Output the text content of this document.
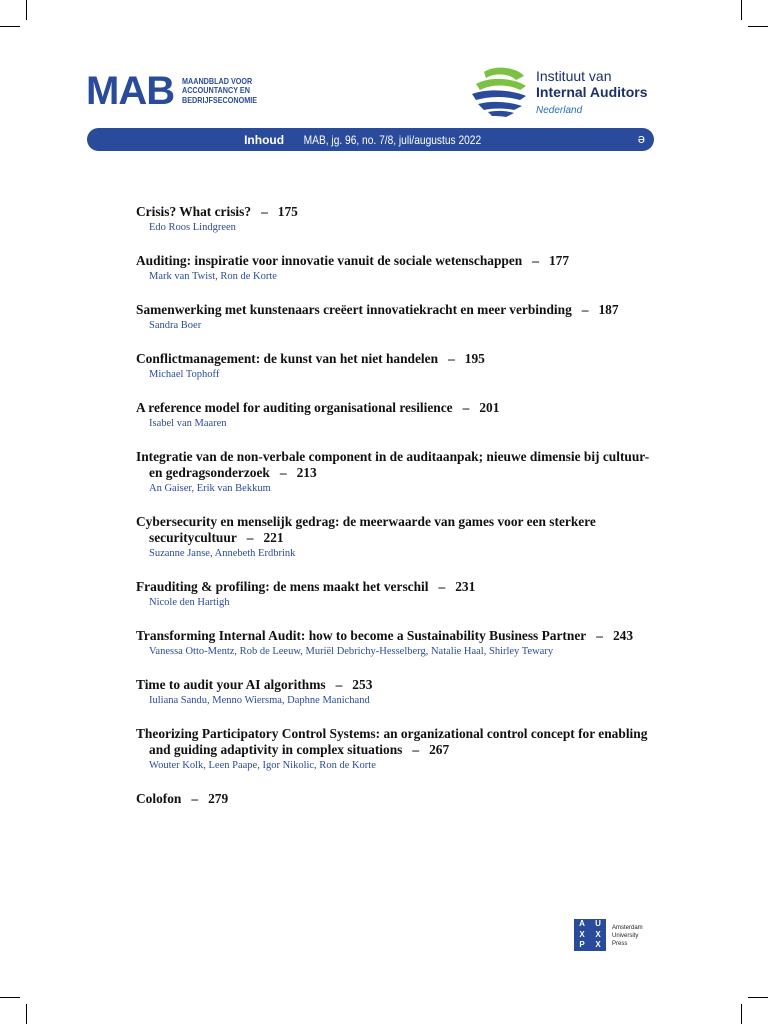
MAB MAANDBLAD VOOR
ACCOUNTANCY EN
BEDRIJFSECONOMIE
Instituut van
Internal Auditors
Nederland
Inhoud MAB, jg. 96, no. 7/8, juli/augustus 2022	ə
Crisis? What crisis? – 175
Edo Roos Lindgreen
Auditing: inspiratie voor innovatie vanuit de sociale wetenschappen – 177
Mark van Twist, Ron de Korte
Samenwerking met kunstenaars creëert innovatiekracht en meer verbinding – 187
Sandra Boer
Conflictmanagement: de kunst van het niet handelen – 195
Michael Tophoff
A reference model for auditing organisational resilience – 201
Isabel van Maaren
Integratie van de non-verbale component in de auditaanpak; nieuwe dimensie bij cultuur- en gedragsonderzoek – 213
An Gaiser, Erik van Bekkum
Cybersecurity en menselijk gedrag: de meerwaarde van games voor een sterkere securitycultuur – 221
Suzanne Janse, Annebeth Erdbrink
Frauditing & profiling: de mens maakt het verschil – 231
Nicole den Hartigh
Transforming Internal Audit: how to become a Sustainability Business Partner – 243
Vanessa Otto-Mentz, Rob de Leeuw, Muriël Debrichy-Hesselberg, Natalie Haal, Shirley Tewary
Time to audit your AI algorithms – 253
Iuliana Sandu, Menno Wiersma, Daphne Manichand
Theorizing Participatory Control Systems: an organizational control concept for enabling and guiding adaptivity in complex situations – 267
Wouter Kolk, Leen Paape, Igor Nikolic, Ron de Korte
Colofon – 279
A	U
X	X
P	X
Amsterdam
University
Press
